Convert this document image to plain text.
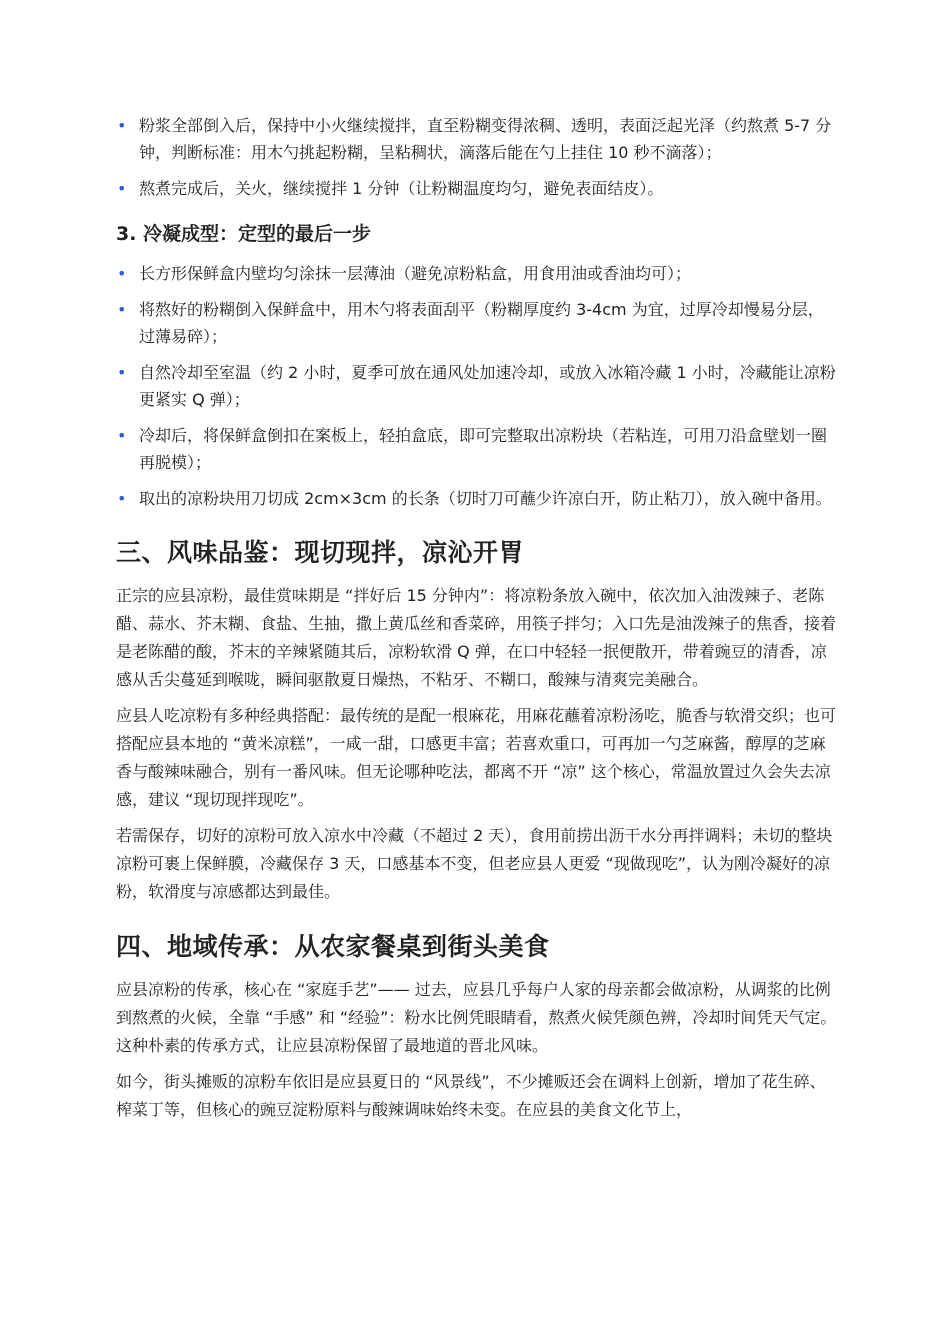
• 粉浆全部倒入后，保持中小火继续搅拌，直至粉糊变得浓稠、透明，表面泛起光泽（约熬煮 5-7 分钟，判断标准：用木勺挑起粉糊，呈粘稠状，滴落后能在勺上挂住 10 秒不滴落）；
• 熬煮完成后，关火，继续搅拌 1 分钟（让粉糊温度均匀，避免表面结皮）。
3. 冷凝成型：定型的最后一步
• 长方形保鲜盒内壁均匀涂抹一层薄油（避免凉粉粘盒，用食用油或香油均可）；
• 将熬好的粉糊倒入保鲜盒中，用木勺将表面刮平（粉糊厚度约 3-4cm 为宜，过厚冷却慢易分层，过薄易碎）；
• 自然冷却至室温（约 2 小时，夏季可放在通风处加速冷却，或放入冰箱冷藏 1 小时，冷藏能让凉粉更紧实 Q 弹）；
• 冷却后，将保鲜盒倒扣在案板上，轻拍盒底，即可完整取出凉粉块（若粘连，可用刀沿盒壁划一圈再脱模）；
• 取出的凉粉块用刀切成 2cm×3cm 的长条（切时刀可蘸少许凉白开，防止粘刀），放入碗中备用。
三、风味品鉴：现切现拌，凉沁开胃

正宗的应县凉粉，最佳赏味期是 “拌好后 15 分钟内”：将凉粉条放入碗中，依次加入油泼辣子、老陈醋、蒜水、芥末糊、食盐、生抽，撒上黄瓜丝和香菜碎，用筷子拌匀；入口先是油泼辣子的焦香，接着是老陈醋的酸，芥末的辛辣紧随其后，凉粉软滑 Q 弹，在口中轻轻一抿便散开，带着豌豆的清香，凉感从舌尖蔓延到喉咙，瞬间驱散夏日燥热，不粘牙、不糊口，酸辣与清爽完美融合。

应县人吃凉粉有多种经典搭配：最传统的是配一根麻花，用麻花蘸着凉粉汤吃，脆香与软滑交织；也可搭配应县本地的 “黄米凉糕”，一咸一甜，口感更丰富；若喜欢重口，可再加一勺芝麻酱，醇厚的芝麻香与酸辣味融合，别有一番风味。但无论哪种吃法，都离不开 “凉” 这个核心，常温放置过久会失去凉感，建议 “现切现拌现吃”。

若需保存，切好的凉粉可放入凉水中冷藏（不超过 2 天），食用前捞出沥干水分再拌调料；未切的整块凉粉可裹上保鲜膜，冷藏保存 3 天，口感基本不变，但老应县人更爱 “现做现吃”，认为刚冷凝好的凉粉，软滑度与凉感都达到最佳。

四、地域传承：从农家餐桌到街头美食

应县凉粉的传承，核心在 “家庭手艺”—— 过去，应县几乎每户人家的母亲都会做凉粉，从调浆的比例到熬煮的火候，全靠 “手感” 和 “经验”：粉水比例凭眼睛看，熬煮火候凭颜色辨，冷却时间凭天气定。这种朴素的传承方式，让应县凉粉保留了最地道的晋北风味。

如今，街头摊贩的凉粉车依旧是应县夏日的 “风景线”，不少摊贩还会在调料上创新，增加了花生碎、榨菜丁等，但核心的豌豆淀粉原料与酸辣调味始终未变。在应县的美食文化节上，
